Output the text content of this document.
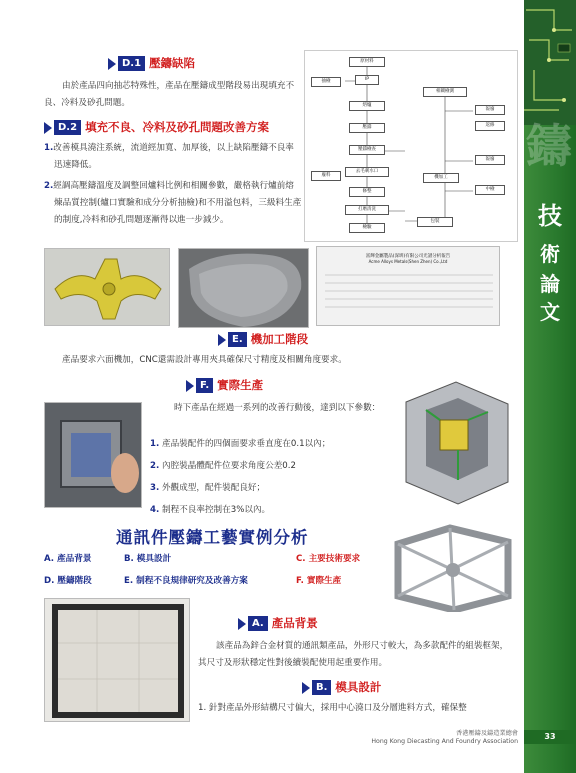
鑄
技
術
論
文
D.1 壓鑄缺陷
由於產品四向抽芯特殊性，產品在壓鑄成型階段易出現填充不良、冷料及砂孔問題。
D.2 填充不良、冷料及砂孔問題改善方案
1.改善模具澆注系統，流道經加寬、加厚後，以上缺陷壓鑄不良率迅速降低。
2.經調高壓鑄溫度及調整回爐料比例和相關參數，嚴格執行爐前熔煉品質控制(爐口實驗和成分分析抽檢)和不用溢包料，三級料生產的制度,冷料和砂孔問題逐漸得以進一步減少。
原材料
IP
熔爐
壓鑄
壓鑄檢查
去毛刺水口
修整
打磨清洗
檢驗
包裝
抽檢
報廢
返修
報廢
相關檢測
廢料	機加工
中檢
富輝金屬製品(深圳)有限公司光譜分析報告
Acme Alloys Metals(Shen Zhen) Co.,Ltd
E. 機加工階段
產品要求六面機加，CNC還需設計專用夾具確保尺寸精度及相關角度要求。
F. 實際生產
時下產品在經過一系列的改善行動後，達到以下參數：
1. 產品裝配件的四個面要求垂直度在0.1以內；
2. 內腔裝晶體配件位要求角度公差0.2
3. 外觀成型，配件裝配良好；
4. 制程不良率控制在3%以內。
通訊件壓鑄工藝實例分析
A. 產品背景	B. 模具設計	C. 主要技術要求
D. 壓鑄階段	E. 制程不良規律研究及改善方案	F. 實際生產
A. 產品背景
該產品為鋅合金材質的通訊類產品，外形尺寸較大，為多款配件的組裝框架，其尺寸及形狀穩定性對後續裝配使用起重要作用。
B. 模具設計
1. 針對產品外形結構尺寸偏大，採用中心澆口及分層進料方式，確保整
香港壓鑄及鑄造業總會
Hong Kong Diecasting And Foundry Association
33
